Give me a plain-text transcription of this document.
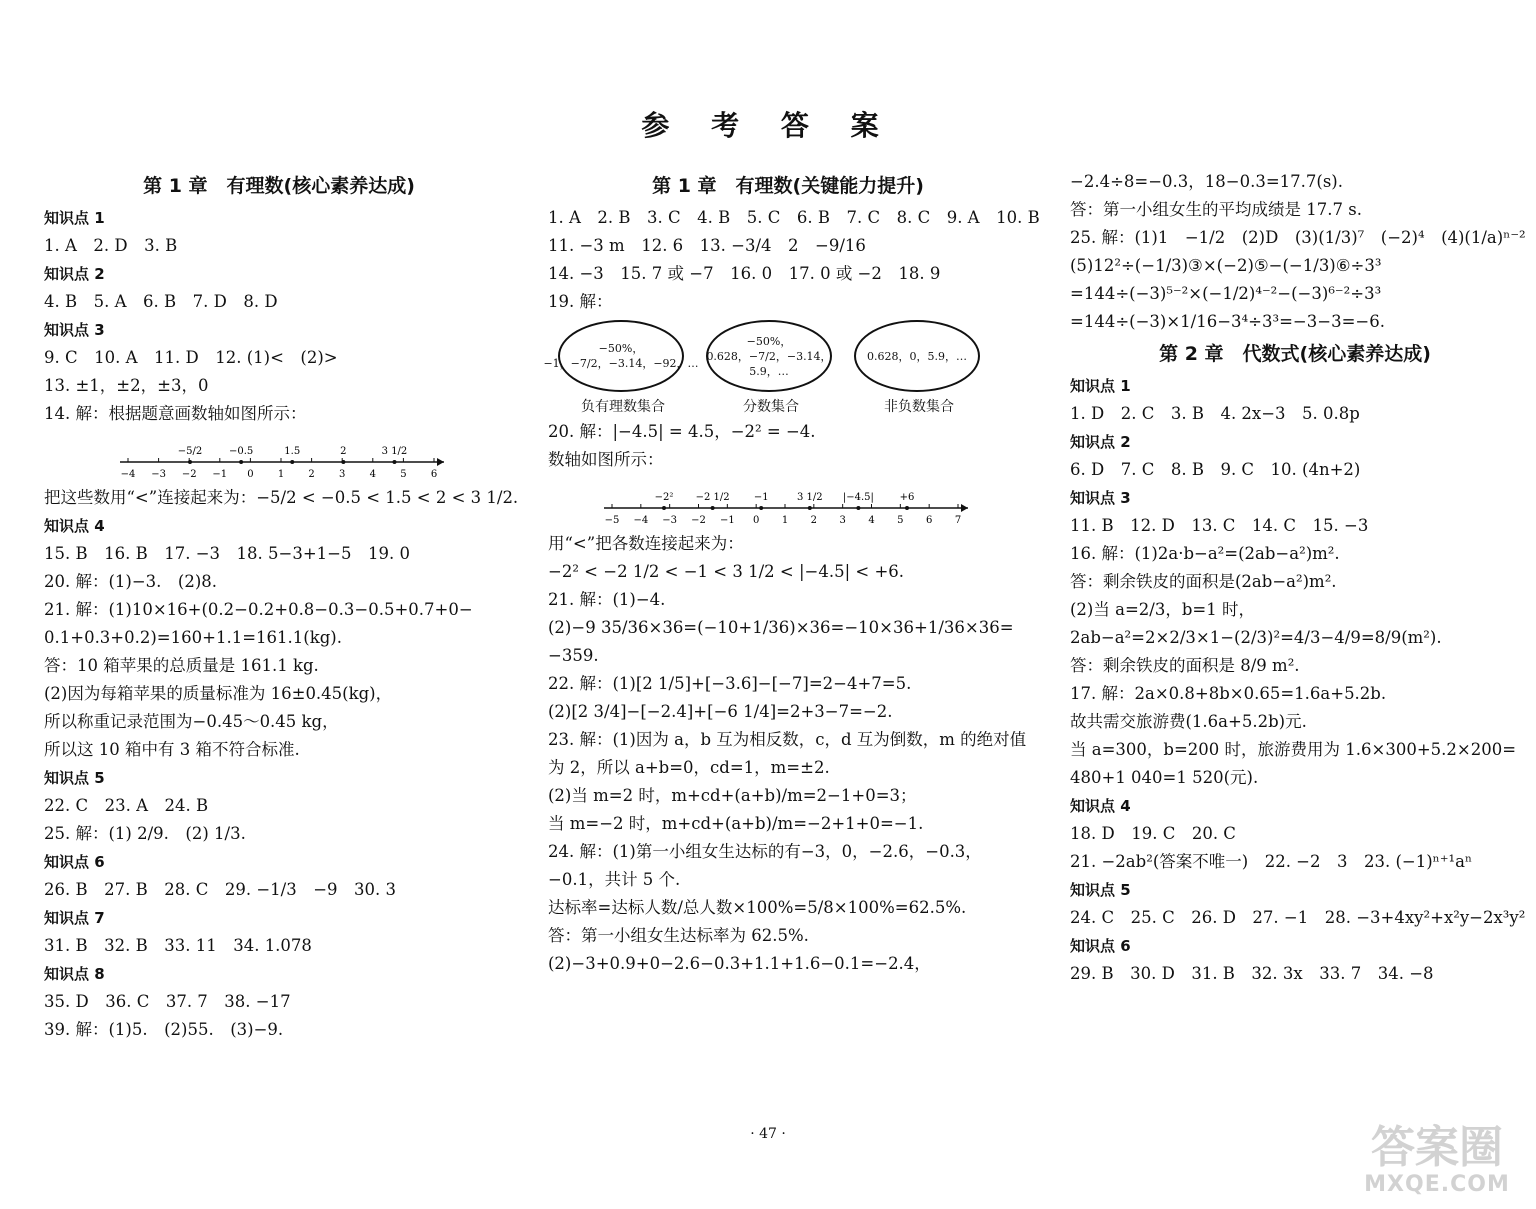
参 考 答 案
第 1 章　有理数(核心素养达成)
知识点 1
1. A　2. D　3. B
知识点 2
4. B　5. A　6. B　7. D　8. D
知识点 3
9. C　10. A　11. D　12. (1)<　(2)>
13. ±1，±2，±3，0
14. 解：根据题意画数轴如图所示：
−4 −3 −2 −1 0 1 2 3 4 5 6
−5/2	−0.5	1.5	2	3 1/2
把这些数用“<”连接起来为：−5/2 < −0.5 < 1.5 < 2 < 3 1/2.
知识点 4
15. B　16. B　17. −3　18. 5−3+1−5　19. 0
20. 解：(1)−3.　(2)8.
21. 解：(1)10×16+(0.2−0.2+0.8−0.3−0.5+0.7+0−
0.1+0.3+0.2)=160+1.1=161.1(kg).
答：10 箱苹果的总质量是 161.1 kg.
(2)因为每箱苹果的质量标准为 16±0.45(kg)，
所以称重记录范围为−0.45～0.45 kg，
所以这 10 箱中有 3 箱不符合标准.
知识点 5
22. C　23. A　24. B
25. 解：(1) 2/9.　(2) 1/3.
知识点 6
26. B　27. B　28. C　29. −1/3　−9　30. 3
知识点 7
31. B　32. B　33. 11　34. 1.078
知识点 8
35. D　36. C　37. 7　38. −17
39. 解：(1)5.　(2)55.　(3)−9.
第 1 章　有理数(关键能力提升)
1. A　2. B　3. C　4. B　5. C　6. B　7. C　8. C　9. A　10. B
11. −3 m　12. 6　13. −3/4　2　−9/16
14. −3　15. 7 或 −7　16. 0　17. 0 或 −2　18. 9
19. 解：
−50%，−1，−7/2，−3.14，−92，…
负有理数集合
−50%，0.628，−7/2，−3.14，5.9，…
分数集合
0.628，0，5.9，…
非负数集合
20. 解：|−4.5| = 4.5，−2² = −4.
数轴如图所示：
−5 −4 −3 −2 −1 0 1 2 3 4 5 6 7
−2² −2 1/2 −1	3 1/2 |−4.5|	+6
用“<”把各数连接起来为：
−2² < −2 1/2 < −1 < 3 1/2 < |−4.5| < +6.
21. 解：(1)−4.
(2)−9 35/36×36=(−10+1/36)×36=−10×36+1/36×36=
−359.
22. 解：(1)[2 1/5]+[−3.6]−[−7]=2−4+7=5.
(2)[2 3/4]−[−2.4]+[−6 1/4]=2+3−7=−2.
23. 解：(1)因为 a，b 互为相反数，c，d 互为倒数，m 的绝对值
为 2，所以 a+b=0，cd=1，m=±2.
(2)当 m=2 时，m+cd+(a+b)/m=2−1+0=3；
当 m=−2 时，m+cd+(a+b)/m=−2+1+0=−1.
24. 解：(1)第一小组女生达标的有−3，0，−2.6，−0.3，
−0.1，共计 5 个.
达标率=达标人数/总人数×100%=5/8×100%=62.5%.
答：第一小组女生达标率为 62.5%.
(2)−3+0.9+0−2.6−0.3+1.1+1.6−0.1=−2.4，
−2.4÷8=−0.3，18−0.3=17.7(s).
答：第一小组女生的平均成绩是 17.7 s.
25. 解：(1)1　−1/2　(2)D　(3)(1/3)⁷　(−2)⁴　(4)(1/a)ⁿ⁻²
(5)12²÷(−1/3)③×(−2)⑤−(−1/3)⑥÷3³
=144÷(−3)⁵⁻²×(−1/2)⁴⁻²−(−3)⁶⁻²÷3³
=144÷(−3)×1/16−3⁴÷3³=−3−3=−6.
第 2 章　代数式(核心素养达成)
知识点 1
1. D　2. C　3. B　4. 2x−3　5. 0.8p
知识点 2
6. D　7. C　8. B　9. C　10. (4n+2)
知识点 3
11. B　12. D　13. C　14. C　15. −3
16. 解：(1)2a·b−a²=(2ab−a²)m².
答：剩余铁皮的面积是(2ab−a²)m².
(2)当 a=2/3，b=1 时，
2ab−a²=2×2/3×1−(2/3)²=4/3−4/9=8/9(m²).
答：剩余铁皮的面积是 8/9 m².
17. 解：2a×0.8+8b×0.65=1.6a+5.2b.
故共需交旅游费(1.6a+5.2b)元.
当 a=300，b=200 时，旅游费用为 1.6×300+5.2×200=
480+1 040=1 520(元).
知识点 4
18. D　19. C　20. C
21. −2ab²(答案不唯一)　22. −2　3　23. (−1)ⁿ⁺¹aⁿ
知识点 5
24. C　25. C　26. D　27. −1　28. −3+4xy²+x²y−2x³y²
知识点 6
29. B　30. D　31. B　32. 3x　33. 7　34. −8
· 47 ·	答案圈
MXQE.COM
